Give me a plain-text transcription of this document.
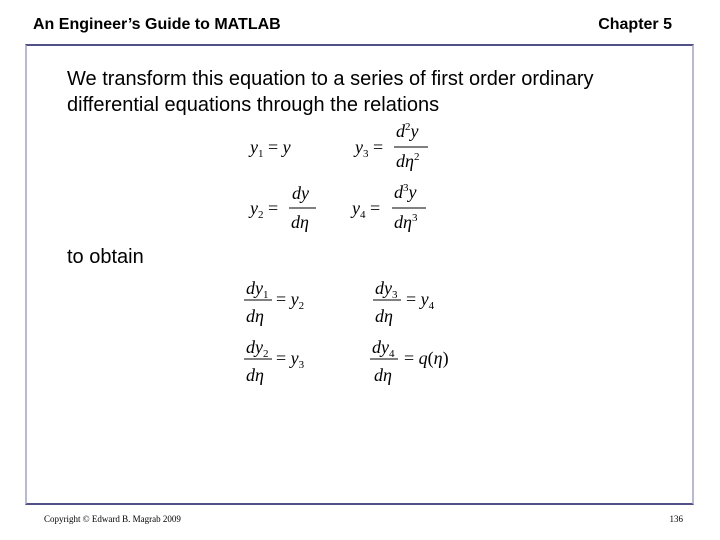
An Engineer’s Guide to MATLAB	Chapter 5
We transform this equation to a series of first order ordinary differential equations through the relations
$y_1 = y$	$y_3$ =
$d^2y$
$d\eta^2$
$y_2$ =
dy
dη
$y_4$ =
$d^3y$
$d\eta^3$
$dy_1$
dη
= $y_2$
$dy_3$
dη
= $y_4$
$dy_2$
dη
= $y_3$
$dy_4$
dη
= q(η)
to obtain
Copyright © Edward B. Magrab 2009	136
